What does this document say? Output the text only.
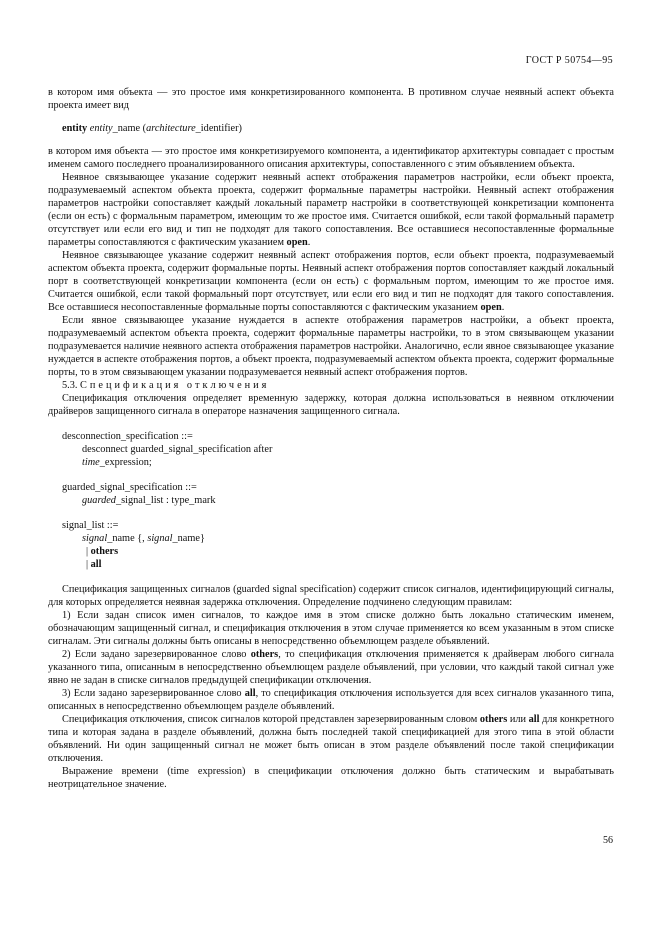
ГОСТ Р 50754—95

в котором имя объекта — это простое имя конкретизированного компонента. В противном случае неявный аспект объекта проекта имеет вид

entity entity_name (architecture_identifier)

в котором имя объекта — это простое имя конкретизируемого компонента, а идентификатор архитектуры совпадает с простым именем самого последнего проанализированного описания архитектуры, сопоставленного с этим объявлением объекта.

Неявное связывающее указание содержит неявный аспект отображения параметров настройки, если объект проекта, подразумеваемый аспектом объекта проекта, содержит формальные параметры настройки. Неявный аспект отображения параметров настройки сопоставляет каждый локальный параметр настройки в соответствующей конкретизации компонента (если он есть) с формальным параметром, имеющим то же простое имя. Считается ошибкой, если такой формальный параметр отсутствует или если его вид и тип не подходят для такого сопоставления. Все оставшиеся несопоставленные формальные параметры сопоставляются с фактическим указанием open.

Неявное связывающее указание содержит неявный аспект отображения портов, если объект проекта, подразумеваемый аспектом объекта проекта, содержит формальные порты. Неявный аспект отображения портов сопоставляет каждый локальный порт в соответствующей конкретизации компонента (если он есть) с формальным портом, имеющим то же простое имя. Считается ошибкой, если такой формальный порт отсутствует, или если его вид и тип не подходят для такого сопоставления. Все оставшиеся несопоставленные формальные порты сопоставляются с фактическим указанием open.

Если явное связывающее указание нуждается в аспекте отображения параметров настройки, а объект проекта, подразумеваемый аспектом объекта проекта, содержит формальные параметры настройки, то в этом связывающем указании подразумевается наличие неявного аспекта отображения параметров настройки. Аналогично, если явное связывающее указание нуждается в аспекте отображения портов, а объект проекта, подразумеваемый аспектом объекта проекта, содержит формальные порты, то в этом связывающем указании подразумевается неявный аспект отображения портов.

5.3. Спецификация отключения

Спецификация отключения определяет временную задержку, которая должна использоваться в неявном отключении драйверов защищенного сигнала в операторе назначения защищенного сигнала.

desconnection_specification ::=
desconnect guarded_signal_specification after
time_expression;
guarded_signal_specification ::=
guarded_signal_list : type_mark
signal_list ::=
signal_name {, signal_name}
| others
| all

Спецификация защищенных сигналов (guarded signal specification) содержит список сигналов, идентифицирующий сигналы, для которых определяется неявная задержка отключения. Определение подчинено следующим правилам:

1) Если задан список имен сигналов, то каждое имя в этом списке должно быть локально статическим именем, обозначающим защищенный сигнал, и спецификация отключения в этом случае применяется ко всем указанным в этом списке сигналам. Эти сигналы должны быть описаны в непосредственно объемлющем разделе объявлений.

2) Если задано зарезервированное слово others, то спецификация отключения применяется к драйверам любого сигнала указанного типа, описанным в непосредственно объемлющем разделе объявлений, при условии, что каждый такой сигнал уже явно не задан в списке сигналов предыдущей спецификации отключения.

3) Если задано зарезервированное слово all, то спецификация отключения используется для всех сигналов указанного типа, описанных в непосредственно объемлющем разделе объявлений.

Спецификация отключения, список сигналов которой представлен зарезервированным словом others или all для конкретного типа и которая задана в разделе объявлений, должна быть последней такой спецификацией для этого типа в этой области объявлений. Ни один защищенный сигнал не может быть описан в этом разделе объявлений после такой спецификации отключения.

Выражение времени (time expression) в спецификации отключения должно быть статическим и вырабатывать неотрицательное значение.

56
